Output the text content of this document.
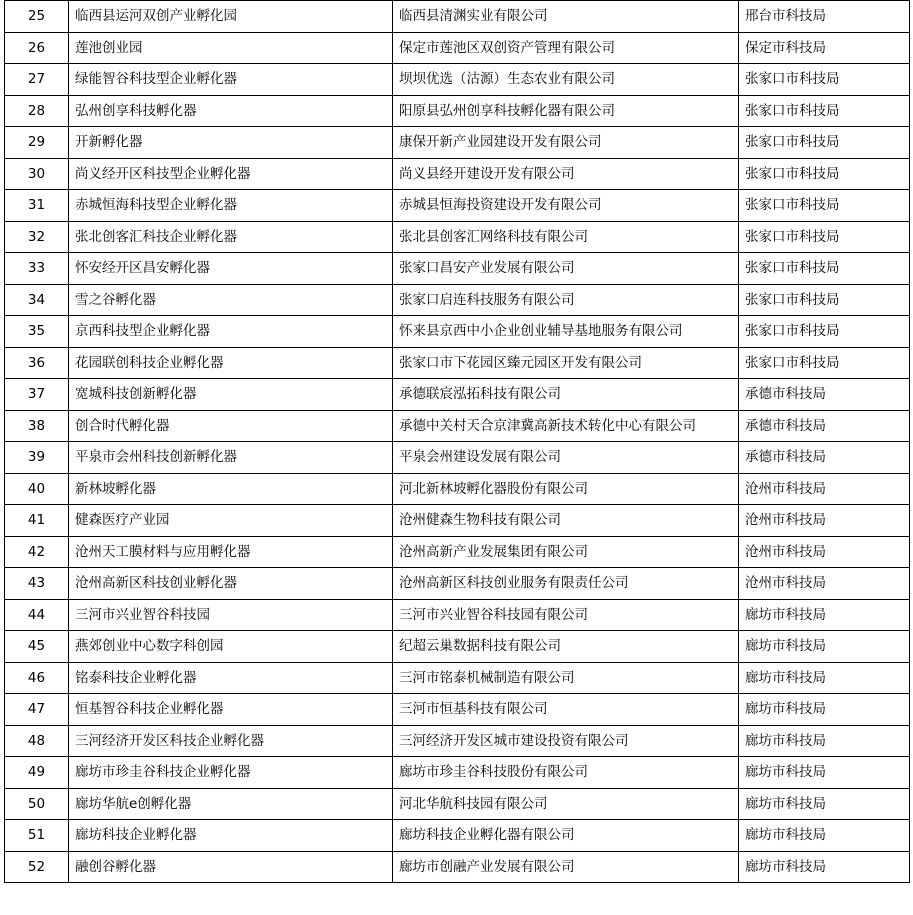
25	临西县运河双创产业孵化园	临西县清渊实业有限公司	邢台市科技局
26	莲池创业园	保定市莲池区双创资产管理有限公司	保定市科技局
27	绿能智谷科技型企业孵化器	坝坝优选（沽源）生态农业有限公司	张家口市科技局
28	弘州创享科技孵化器	阳原县弘州创享科技孵化器有限公司	张家口市科技局
29	开新孵化器	康保开新产业园建设开发有限公司	张家口市科技局
30	尚义经开区科技型企业孵化器	尚义县经开建设开发有限公司	张家口市科技局
31	赤城恒海科技型企业孵化器	赤城县恒海投资建设开发有限公司	张家口市科技局
32	张北创客汇科技企业孵化器	张北县创客汇网络科技有限公司	张家口市科技局
33	怀安经开区昌安孵化器	张家口昌安产业发展有限公司	张家口市科技局
34	雪之谷孵化器	张家口启连科技服务有限公司	张家口市科技局
35	京西科技型企业孵化器	怀来县京西中小企业创业辅导基地服务有限公司	张家口市科技局
36	花园联创科技企业孵化器	张家口市下花园区臻元园区开发有限公司	张家口市科技局
37	宽城科技创新孵化器	承德联宸泓拓科技有限公司	承德市科技局
38	创合时代孵化器	承德中关村天合京津冀高新技术转化中心有限公司	承德市科技局
39	平泉市会州科技创新孵化器	平泉会州建设发展有限公司	承德市科技局
40	新林坡孵化器	河北新林坡孵化器股份有限公司	沧州市科技局
41	健森医疗产业园	沧州健森生物科技有限公司	沧州市科技局
42	沧州天工膜材料与应用孵化器	沧州高新产业发展集团有限公司	沧州市科技局
43	沧州高新区科技创业孵化器	沧州高新区科技创业服务有限责任公司	沧州市科技局
44	三河市兴业智谷科技园	三河市兴业智谷科技园有限公司	廊坊市科技局
45	燕郊创业中心数字科创园	纪超云巢数据科技有限公司	廊坊市科技局
46	铭泰科技企业孵化器	三河市铭泰机械制造有限公司	廊坊市科技局
47	恒基智谷科技企业孵化器	三河市恒基科技有限公司	廊坊市科技局
48	三河经济开发区科技企业孵化器	三河经济开发区城市建设投资有限公司	廊坊市科技局
49	廊坊市珍圭谷科技企业孵化器	廊坊市珍圭谷科技股份有限公司	廊坊市科技局
50	廊坊华航e创孵化器	河北华航科技园有限公司	廊坊市科技局
51	廊坊科技企业孵化器	廊坊科技企业孵化器有限公司	廊坊市科技局
52	融创谷孵化器	廊坊市创融产业发展有限公司	廊坊市科技局
